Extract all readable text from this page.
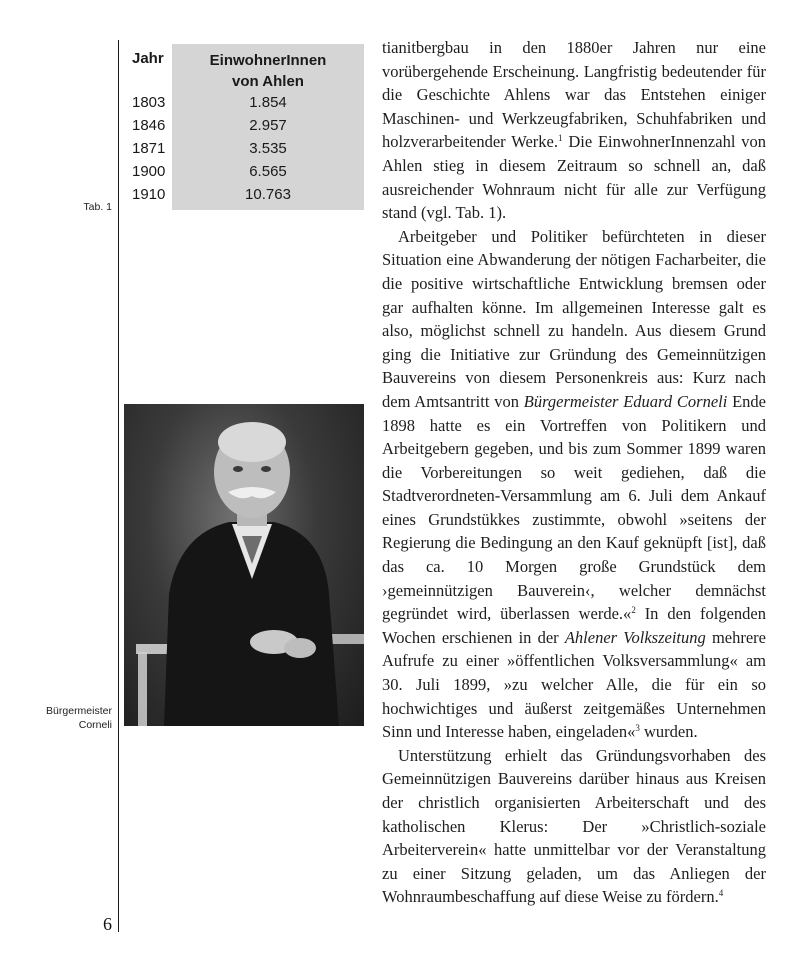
Tab. 1
Bürgermeister
Corneli
6
Jahr	EinwohnerInnen
von Ahlen
1803	1.854
1846	2.957
1871	3.535
1900	6.565
1910	10.763

tianitbergbau in den 1880er Jahren nur eine vorübergehende Erscheinung. Langfristig bedeutender für die Geschichte Ahlens war das Entstehen einiger Maschinen- und Werkzeugfabriken, Schuhfabriken und holzverarbeitender Werke.$^1$ Die EinwohnerInnenzahl von Ahlen stieg in diesem Zeitraum so schnell an, daß ausreichender Wohnraum nicht für alle zur Verfügung stand (vgl. Tab. 1).

Arbeitgeber und Politiker befürchteten in dieser Situation eine Abwanderung der nötigen Facharbeiter, die die positive wirtschaftliche Entwicklung bremsen oder gar aufhalten könne. Im allgemeinen Interesse galt es also, möglichst schnell zu handeln. Aus diesem Grund ging die Initiative zur Gründung des Gemeinnützigen Bauvereins von diesem Personenkreis aus: Kurz nach dem Amtsantritt von Bürgermeister Eduard Corneli Ende 1898 hatte es ein Vortreffen von Politikern und Arbeitgebern gegeben, und bis zum Sommer 1899 waren die Vorbereitungen so weit gediehen, daß die Stadtverordneten-Versammlung am 6. Juli dem Ankauf eines Grundstükkes zustimmte, obwohl »seitens der Regierung die Bedingung an den Kauf geknüpft [ist], daß das ca. 10 Morgen große Grundstück dem ›gemeinnützigen Bauverein‹, welcher demnächst gegründet wird, überlassen werde.«$^2$ In den folgenden Wochen erschienen in der Ahlener Volkszeitung mehrere Aufrufe zu einer »öffentlichen Volksversammlung« am 30. Juli 1899, »zu welcher Alle, die für ein so hochwichtiges und äußerst zeitgemäßes Unternehmen Sinn und Interesse haben, eingeladen«$^3$ wurden.

Unterstützung erhielt das Gründungsvorhaben des Gemeinnützigen Bauvereins darüber hinaus aus Kreisen der christlich organisierten Arbeiterschaft und des katholischen Klerus: Der »Christlich-soziale Arbeiterverein« hatte unmittelbar vor der Veranstaltung zu einer Sitzung geladen, um das Anliegen der Wohnraumbeschaffung auf diese Weise zu fördern.$^4$
